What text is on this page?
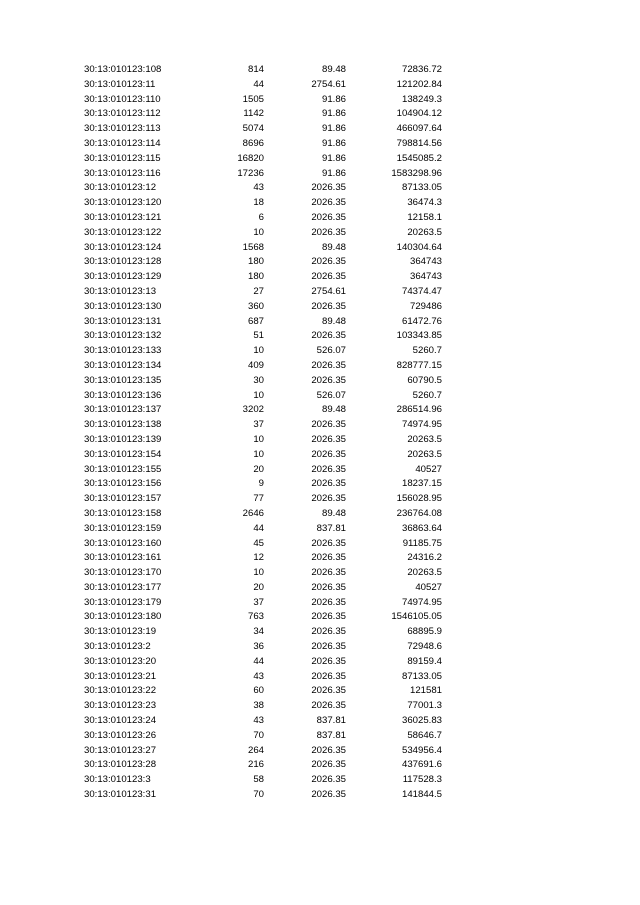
30:13:010123:108	814	89.48	72836.72
30:13:010123:11	44	2754.61	121202.84
30:13:010123:110	1505	91.86	138249.3
30:13:010123:112	1142	91.86	104904.12
30:13:010123:113	5074	91.86	466097.64
30:13:010123:114	8696	91.86	798814.56
30:13:010123:115	16820	91.86	1545085.2
30:13:010123:116	17236	91.86	1583298.96
30:13:010123:12	43	2026.35	87133.05
30:13:010123:120	18	2026.35	36474.3
30:13:010123:121	6	2026.35	12158.1
30:13:010123:122	10	2026.35	20263.5
30:13:010123:124	1568	89.48	140304.64
30:13:010123:128	180	2026.35	364743
30:13:010123:129	180	2026.35	364743
30:13:010123:13	27	2754.61	74374.47
30:13:010123:130	360	2026.35	729486
30:13:010123:131	687	89.48	61472.76
30:13:010123:132	51	2026.35	103343.85
30:13:010123:133	10	526.07	5260.7
30:13:010123:134	409	2026.35	828777.15
30:13:010123:135	30	2026.35	60790.5
30:13:010123:136	10	526.07	5260.7
30:13:010123:137	3202	89.48	286514.96
30:13:010123:138	37	2026.35	74974.95
30:13:010123:139	10	2026.35	20263.5
30:13:010123:154	10	2026.35	20263.5
30:13:010123:155	20	2026.35	40527
30:13:010123:156	9	2026.35	18237.15
30:13:010123:157	77	2026.35	156028.95
30:13:010123:158	2646	89.48	236764.08
30:13:010123:159	44	837.81	36863.64
30:13:010123:160	45	2026.35	91185.75
30:13:010123:161	12	2026.35	24316.2
30:13:010123:170	10	2026.35	20263.5
30:13:010123:177	20	2026.35	40527
30:13:010123:179	37	2026.35	74974.95
30:13:010123:180	763	2026.35	1546105.05
30:13:010123:19	34	2026.35	68895.9
30:13:010123:2	36	2026.35	72948.6
30:13:010123:20	44	2026.35	89159.4
30:13:010123:21	43	2026.35	87133.05
30:13:010123:22	60	2026.35	121581
30:13:010123:23	38	2026.35	77001.3
30:13:010123:24	43	837.81	36025.83
30:13:010123:26	70	837.81	58646.7
30:13:010123:27	264	2026.35	534956.4
30:13:010123:28	216	2026.35	437691.6
30:13:010123:3	58	2026.35	117528.3
30:13:010123:31	70	2026.35	141844.5
